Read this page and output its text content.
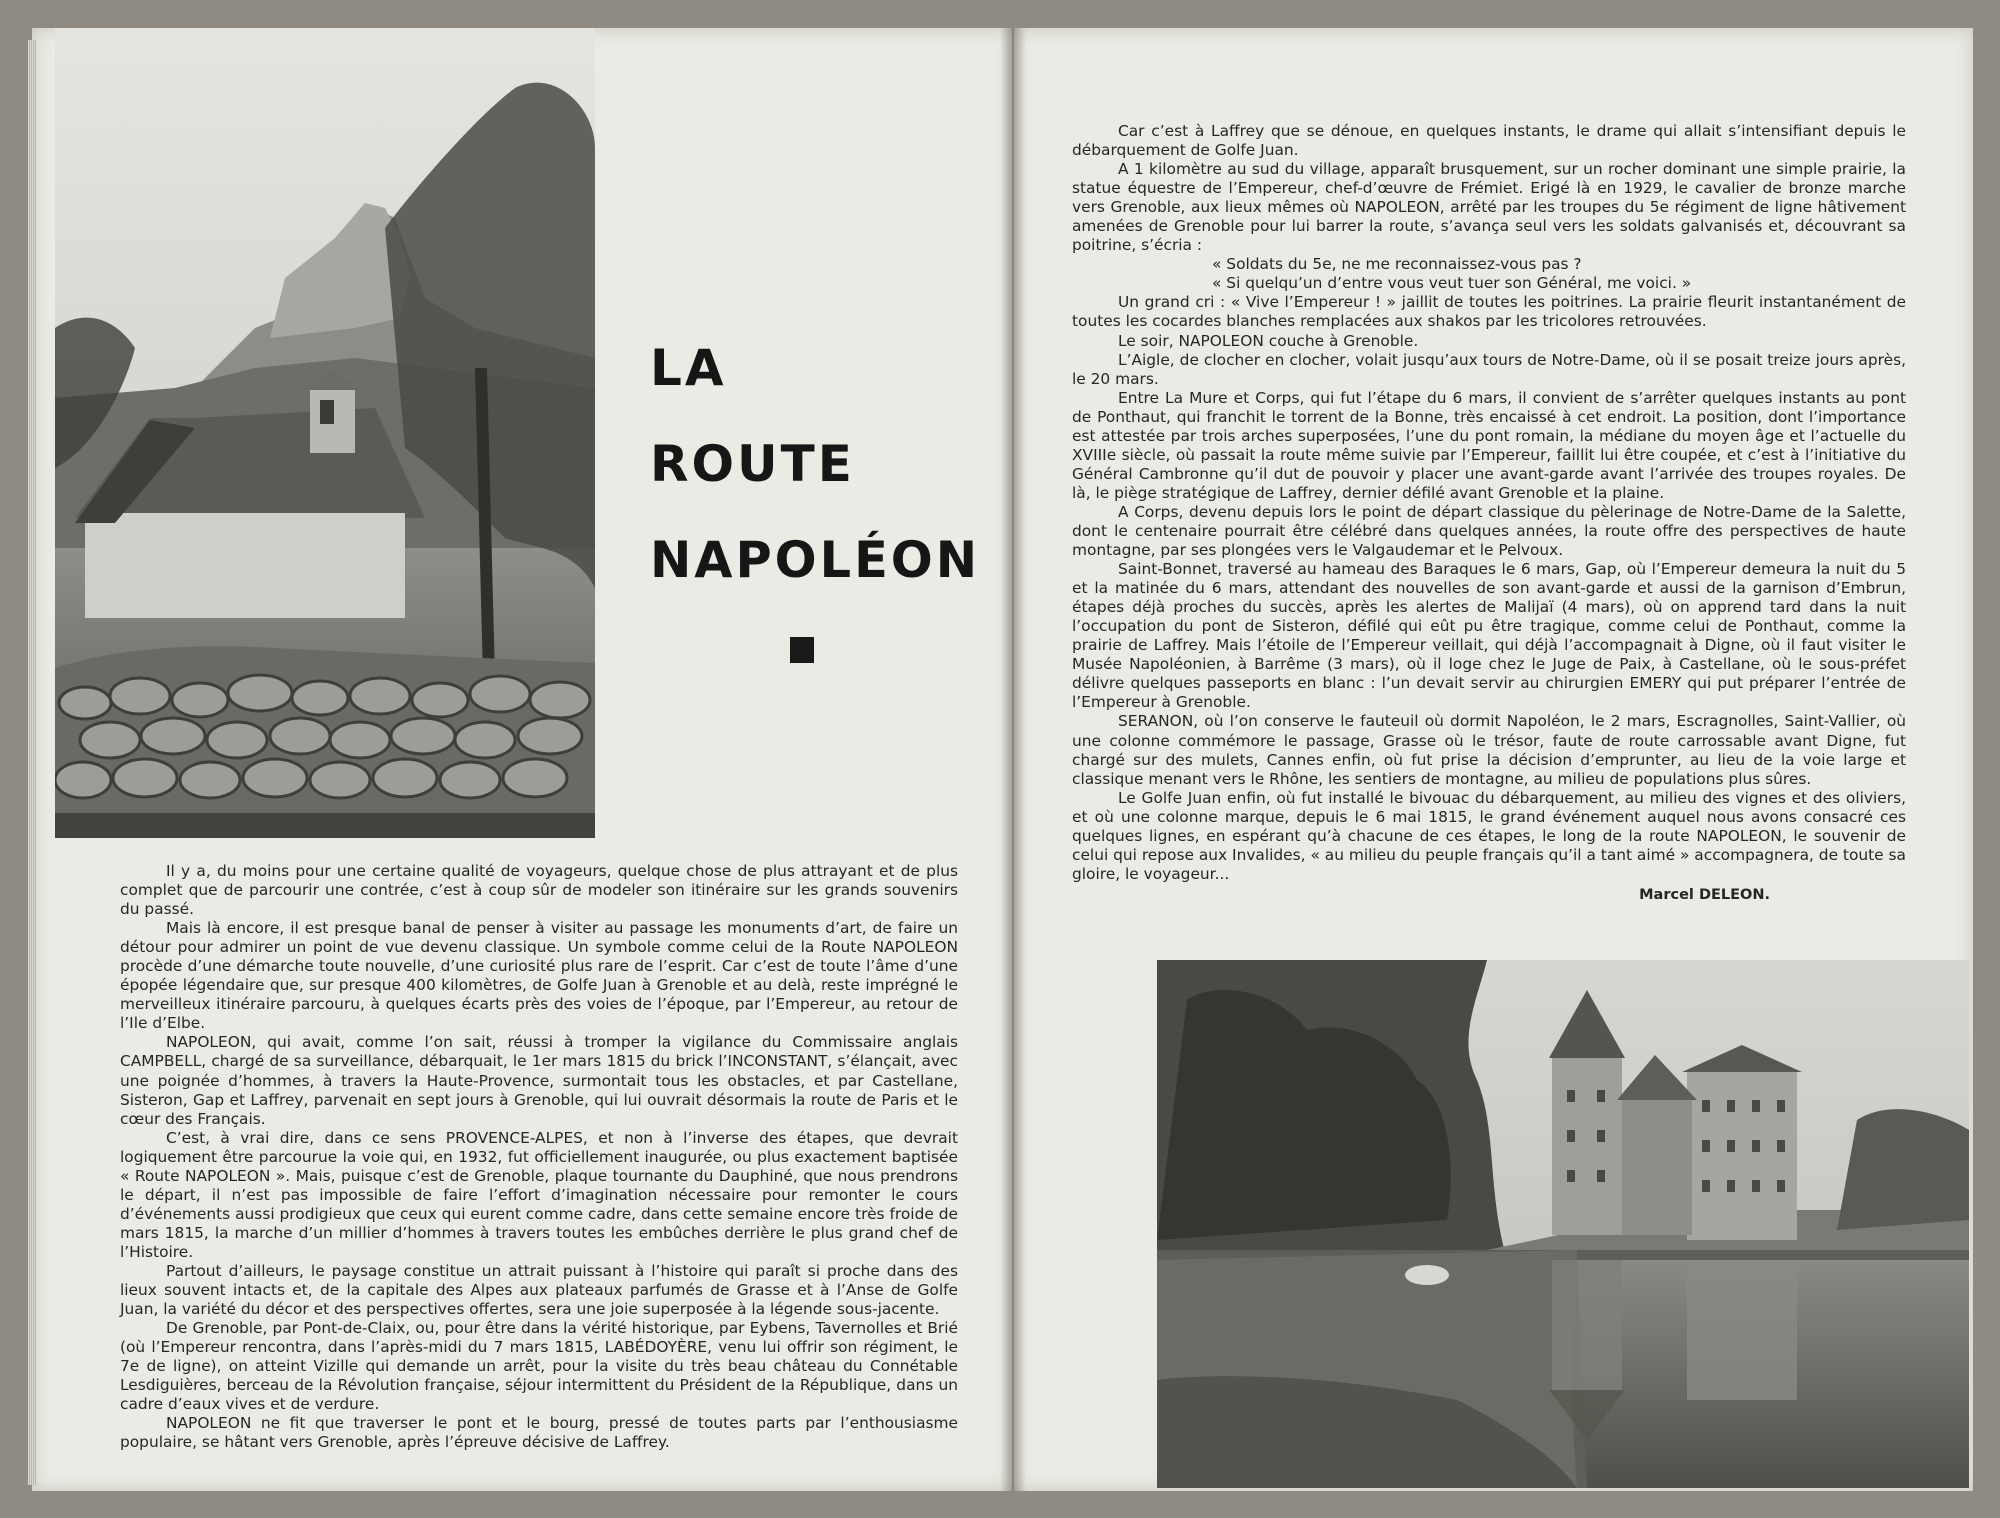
LA
ROUTE
NAPOLÉON

Il y a, du moins pour une certaine qualité de voyageurs, quelque chose de plus attrayant et de plus complet que de parcourir une contrée, c’est à coup sûr de modeler son itinéraire sur les grands souvenirs du passé.

Mais là encore, il est presque banal de penser à visiter au passage les monuments d’art, de faire un détour pour admirer un point de vue devenu classique. Un symbole comme celui de la Route NAPOLEON procède d’une démarche toute nouvelle, d’une curiosité plus rare de l’esprit. Car c’est de toute l’âme d’une épopée légendaire que, sur presque 400 kilomètres, de Golfe Juan à Grenoble et au delà, reste imprégné le merveilleux itinéraire parcouru, à quelques écarts près des voies de l’époque, par l’Empereur, au retour de l’Ile d’Elbe.

NAPOLEON, qui avait, comme l’on sait, réussi à tromper la vigilance du Commissaire anglais CAMPBELL, chargé de sa surveillance, débarquait, le 1er mars 1815 du brick l’INCONSTANT, s’élançait, avec une poignée d’hommes, à travers la Haute-Provence, surmontait tous les obstacles, et par Castellane, Sisteron, Gap et Laffrey, parvenait en sept jours à Grenoble, qui lui ouvrait désormais la route de Paris et le cœur des Français.

C’est, à vrai dire, dans ce sens PROVENCE-ALPES, et non à l’inverse des étapes, que devrait logiquement être parcourue la voie qui, en 1932, fut officiellement inaugurée, ou plus exactement baptisée « Route NAPOLEON ». Mais, puisque c’est de Grenoble, plaque tournante du Dauphiné, que nous prendrons le départ, il n’est pas impossible de faire l’effort d’imagination nécessaire pour remonter le cours d’événements aussi prodigieux que ceux qui eurent comme cadre, dans cette semaine encore très froide de mars 1815, la marche d’un millier d’hommes à travers toutes les embûches derrière le plus grand chef de l’Histoire.

Partout d’ailleurs, le paysage constitue un attrait puissant à l’histoire qui paraît si proche dans des lieux souvent intacts et, de la capitale des Alpes aux plateaux parfumés de Grasse et à l’Anse de Golfe Juan, la variété du décor et des perspectives offertes, sera une joie superposée à la légende sous-jacente.

De Grenoble, par Pont-de-Claix, ou, pour être dans la vérité historique, par Eybens, Tavernolles et Brié (où l’Empereur rencontra, dans l’après-midi du 7 mars 1815, LABÉDOYÈRE, venu lui offrir son régiment, le 7e de ligne), on atteint Vizille qui demande un arrêt, pour la visite du très beau château du Connétable Lesdiguières, berceau de la Révolution française, séjour intermittent du Président de la République, dans un cadre d’eaux vives et de verdure.

NAPOLEON ne fit que traverser le pont et le bourg, pressé de toutes parts par l’enthousiasme populaire, se hâtant vers Grenoble, après l’épreuve décisive de Laffrey.

Car c’est à Laffrey que se dénoue, en quelques instants, le drame qui allait s’intensifiant depuis le débarquement de Golfe Juan.

A 1 kilomètre au sud du village, apparaît brusquement, sur un rocher dominant une simple prairie, la statue équestre de l’Empereur, chef-d’œuvre de Frémiet. Erigé là en 1929, le cavalier de bronze marche vers Grenoble, aux lieux mêmes où NAPOLEON, arrêté par les troupes du 5e régiment de ligne hâtivement amenées de Grenoble pour lui barrer la route, s’avança seul vers les soldats galvanisés et, découvrant sa poitrine, s’écria :

« Soldats du 5e, ne me reconnaissez-vous pas ?

« Si quelqu’un d’entre vous veut tuer son Général, me voici. »

Un grand cri : « Vive l’Empereur ! » jaillit de toutes les poitrines. La prairie fleurit instantanément de toutes les cocardes blanches remplacées aux shakos par les tricolores retrouvées.

Le soir, NAPOLEON couche à Grenoble.

L’Aigle, de clocher en clocher, volait jusqu’aux tours de Notre-Dame, où il se posait treize jours après, le 20 mars.

Entre La Mure et Corps, qui fut l’étape du 6 mars, il convient de s’arrêter quelques instants au pont de Ponthaut, qui franchit le torrent de la Bonne, très encaissé à cet endroit. La position, dont l’importance est attestée par trois arches superposées, l’une du pont romain, la médiane du moyen âge et l’actuelle du XVIIIe siècle, où passait la route même suivie par l’Empereur, faillit lui être coupée, et c’est à l’initiative du Général Cambronne qu’il dut de pouvoir y placer une avant-garde avant l’arrivée des troupes royales. De là, le piège stratégique de Laffrey, dernier défilé avant Grenoble et la plaine.

A Corps, devenu depuis lors le point de départ classique du pèlerinage de Notre-Dame de la Salette, dont le centenaire pourrait être célébré dans quelques années, la route offre des perspectives de haute montagne, par ses plongées vers le Valgaudemar et le Pelvoux.

Saint-Bonnet, traversé au hameau des Baraques le 6 mars, Gap, où l’Empereur demeura la nuit du 5 et la matinée du 6 mars, attendant des nouvelles de son avant-garde et aussi de la garnison d’Embrun, étapes déjà proches du succès, après les alertes de Malijaï (4 mars), où on apprend tard dans la nuit l’occupation du pont de Sisteron, défilé qui eût pu être tragique, comme celui de Ponthaut, comme la prairie de Laffrey. Mais l’étoile de l’Empereur veillait, qui déjà l’accompagnait à Digne, où il faut visiter le Musée Napoléonien, à Barrême (3 mars), où il loge chez le Juge de Paix, à Castellane, où le sous-préfet délivre quelques passeports en blanc : l’un devait servir au chirurgien EMERY qui put préparer l’entrée de l’Empereur à Grenoble.

SERANON, où l’on conserve le fauteuil où dormit Napoléon, le 2 mars, Escragnolles, Saint-Vallier, où une colonne commémore le passage, Grasse où le trésor, faute de route carrossable avant Digne, fut chargé sur des mulets, Cannes enfin, où fut prise la décision d’emprunter, au lieu de la voie large et classique menant vers le Rhône, les sentiers de montagne, au milieu de populations plus sûres.

Le Golfe Juan enfin, où fut installé le bivouac du débarquement, au milieu des vignes et des oliviers, et où une colonne marque, depuis le 6 mai 1815, le grand événement auquel nous avons consacré ces quelques lignes, en espérant qu’à chacune de ces étapes, le long de la route NAPOLEON, le souvenir de celui qui repose aux Invalides, « au milieu du peuple français qu’il a tant aimé » accompagnera, de toute sa gloire, le voyageur...

Marcel DELEON.
